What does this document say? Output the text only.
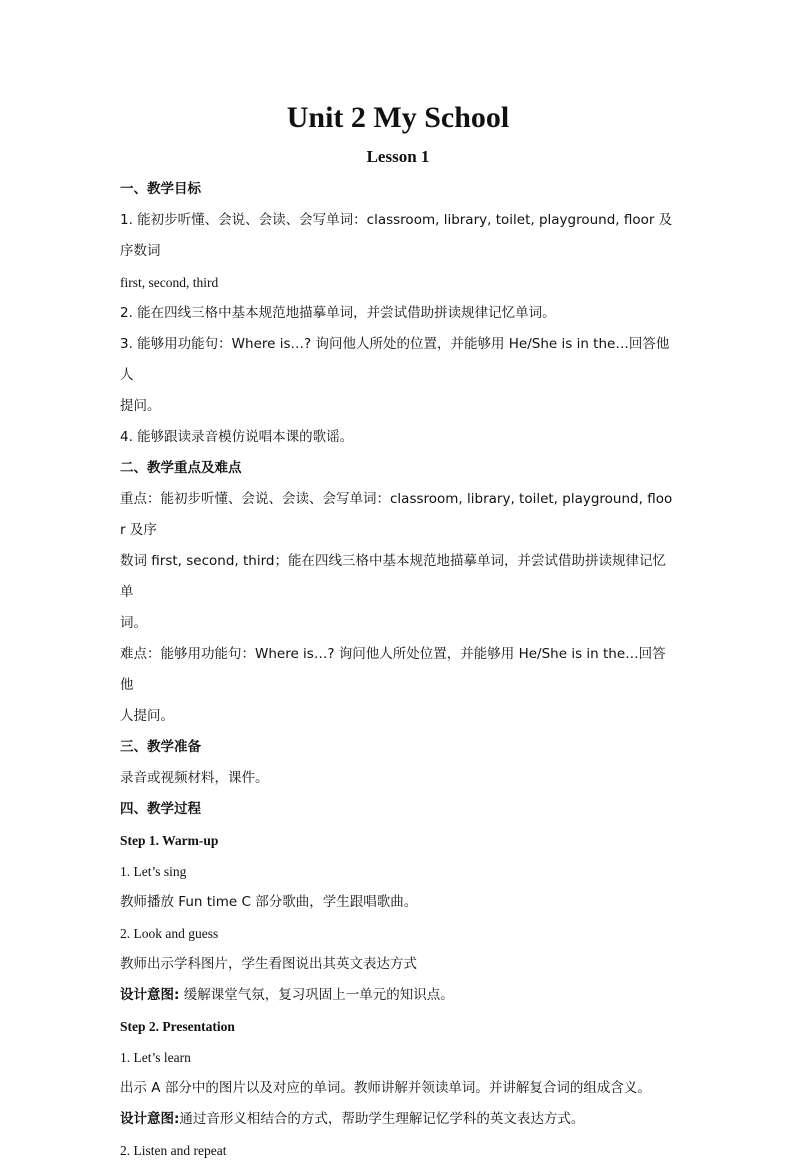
Unit 2 My School
Lesson 1

一、教学目标

1. 能初步听懂、会说、会读、会写单词：classroom, library, toilet, playground, floor 及序数词

first, second, third

2. 能在四线三格中基本规范地描摹单词，并尝试借助拼读规律记忆单词。

3. 能够用功能句：Where is…? 询问他人所处的位置，并能够用 He/She is in the…回答他人

提问。

4. 能够跟读录音模仿说唱本课的歌谣。

二、教学重点及难点

重点：能初步听懂、会说、会读、会写单词：classroom, library, toilet, playground, floor 及序

数词 first, second, third；能在四线三格中基本规范地描摹单词，并尝试借助拼读规律记忆单

词。

难点：能够用功能句：Where is…? 询问他人所处位置，并能够用 He/She is in the…回答他

人提问。

三、教学准备

录音或视频材料，课件。

四、教学过程

Step 1. Warm-up

1. Let’s sing

教师播放 Fun time C 部分歌曲，学生跟唱歌曲。

2. Look and guess

教师出示学科图片，学生看图说出其英文表达方式

设计意图: 缓解课堂气氛，复习巩固上一单元的知识点。

Step 2. Presentation

1. Let’s learn

出示 A 部分中的图片以及对应的单词。教师讲解并领读单词。并讲解复合词的组成含义。

设计意图:通过音形义相结合的方式，帮助学生理解记忆学科的英文表达方式。

2. Listen and repeat
